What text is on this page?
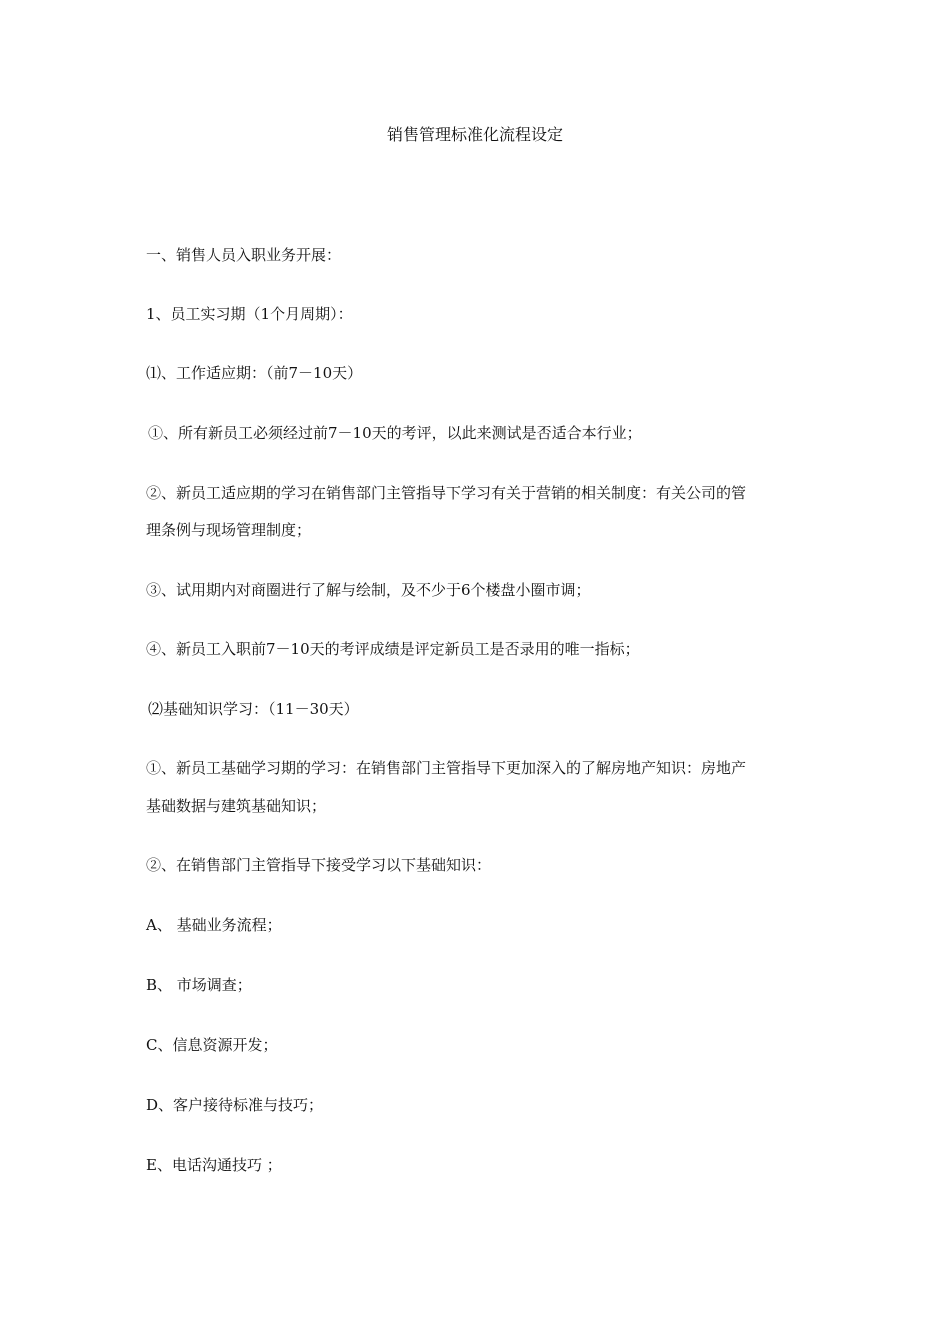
销售管理标准化流程设定
一、销售人员入职业务开展：
1、员工实习期（1个月周期）：
⑴、工作适应期：（前7－10天）
①、所有新员工必须经过前7－10天的考评，以此来测试是否适合本行业；
②、新员工适应期的学习在销售部门主管指导下学习有关于营销的相关制度：有关公司的管
理条例与现场管理制度；
③、试用期内对商圈进行了解与绘制，及不少于6个楼盘小圈市调；
④、新员工入职前7－10天的考评成绩是评定新员工是否录用的唯一指标；
⑵基础知识学习：（11－30天）
①、新员工基础学习期的学习：在销售部门主管指导下更加深入的了解房地产知识：房地产
基础数据与建筑基础知识；
②、在销售部门主管指导下接受学习以下基础知识：
A、 基础业务流程；
B、 市场调查；
C、信息资源开发；
D、客户接待标准与技巧；
E、电话沟通技巧 ；
